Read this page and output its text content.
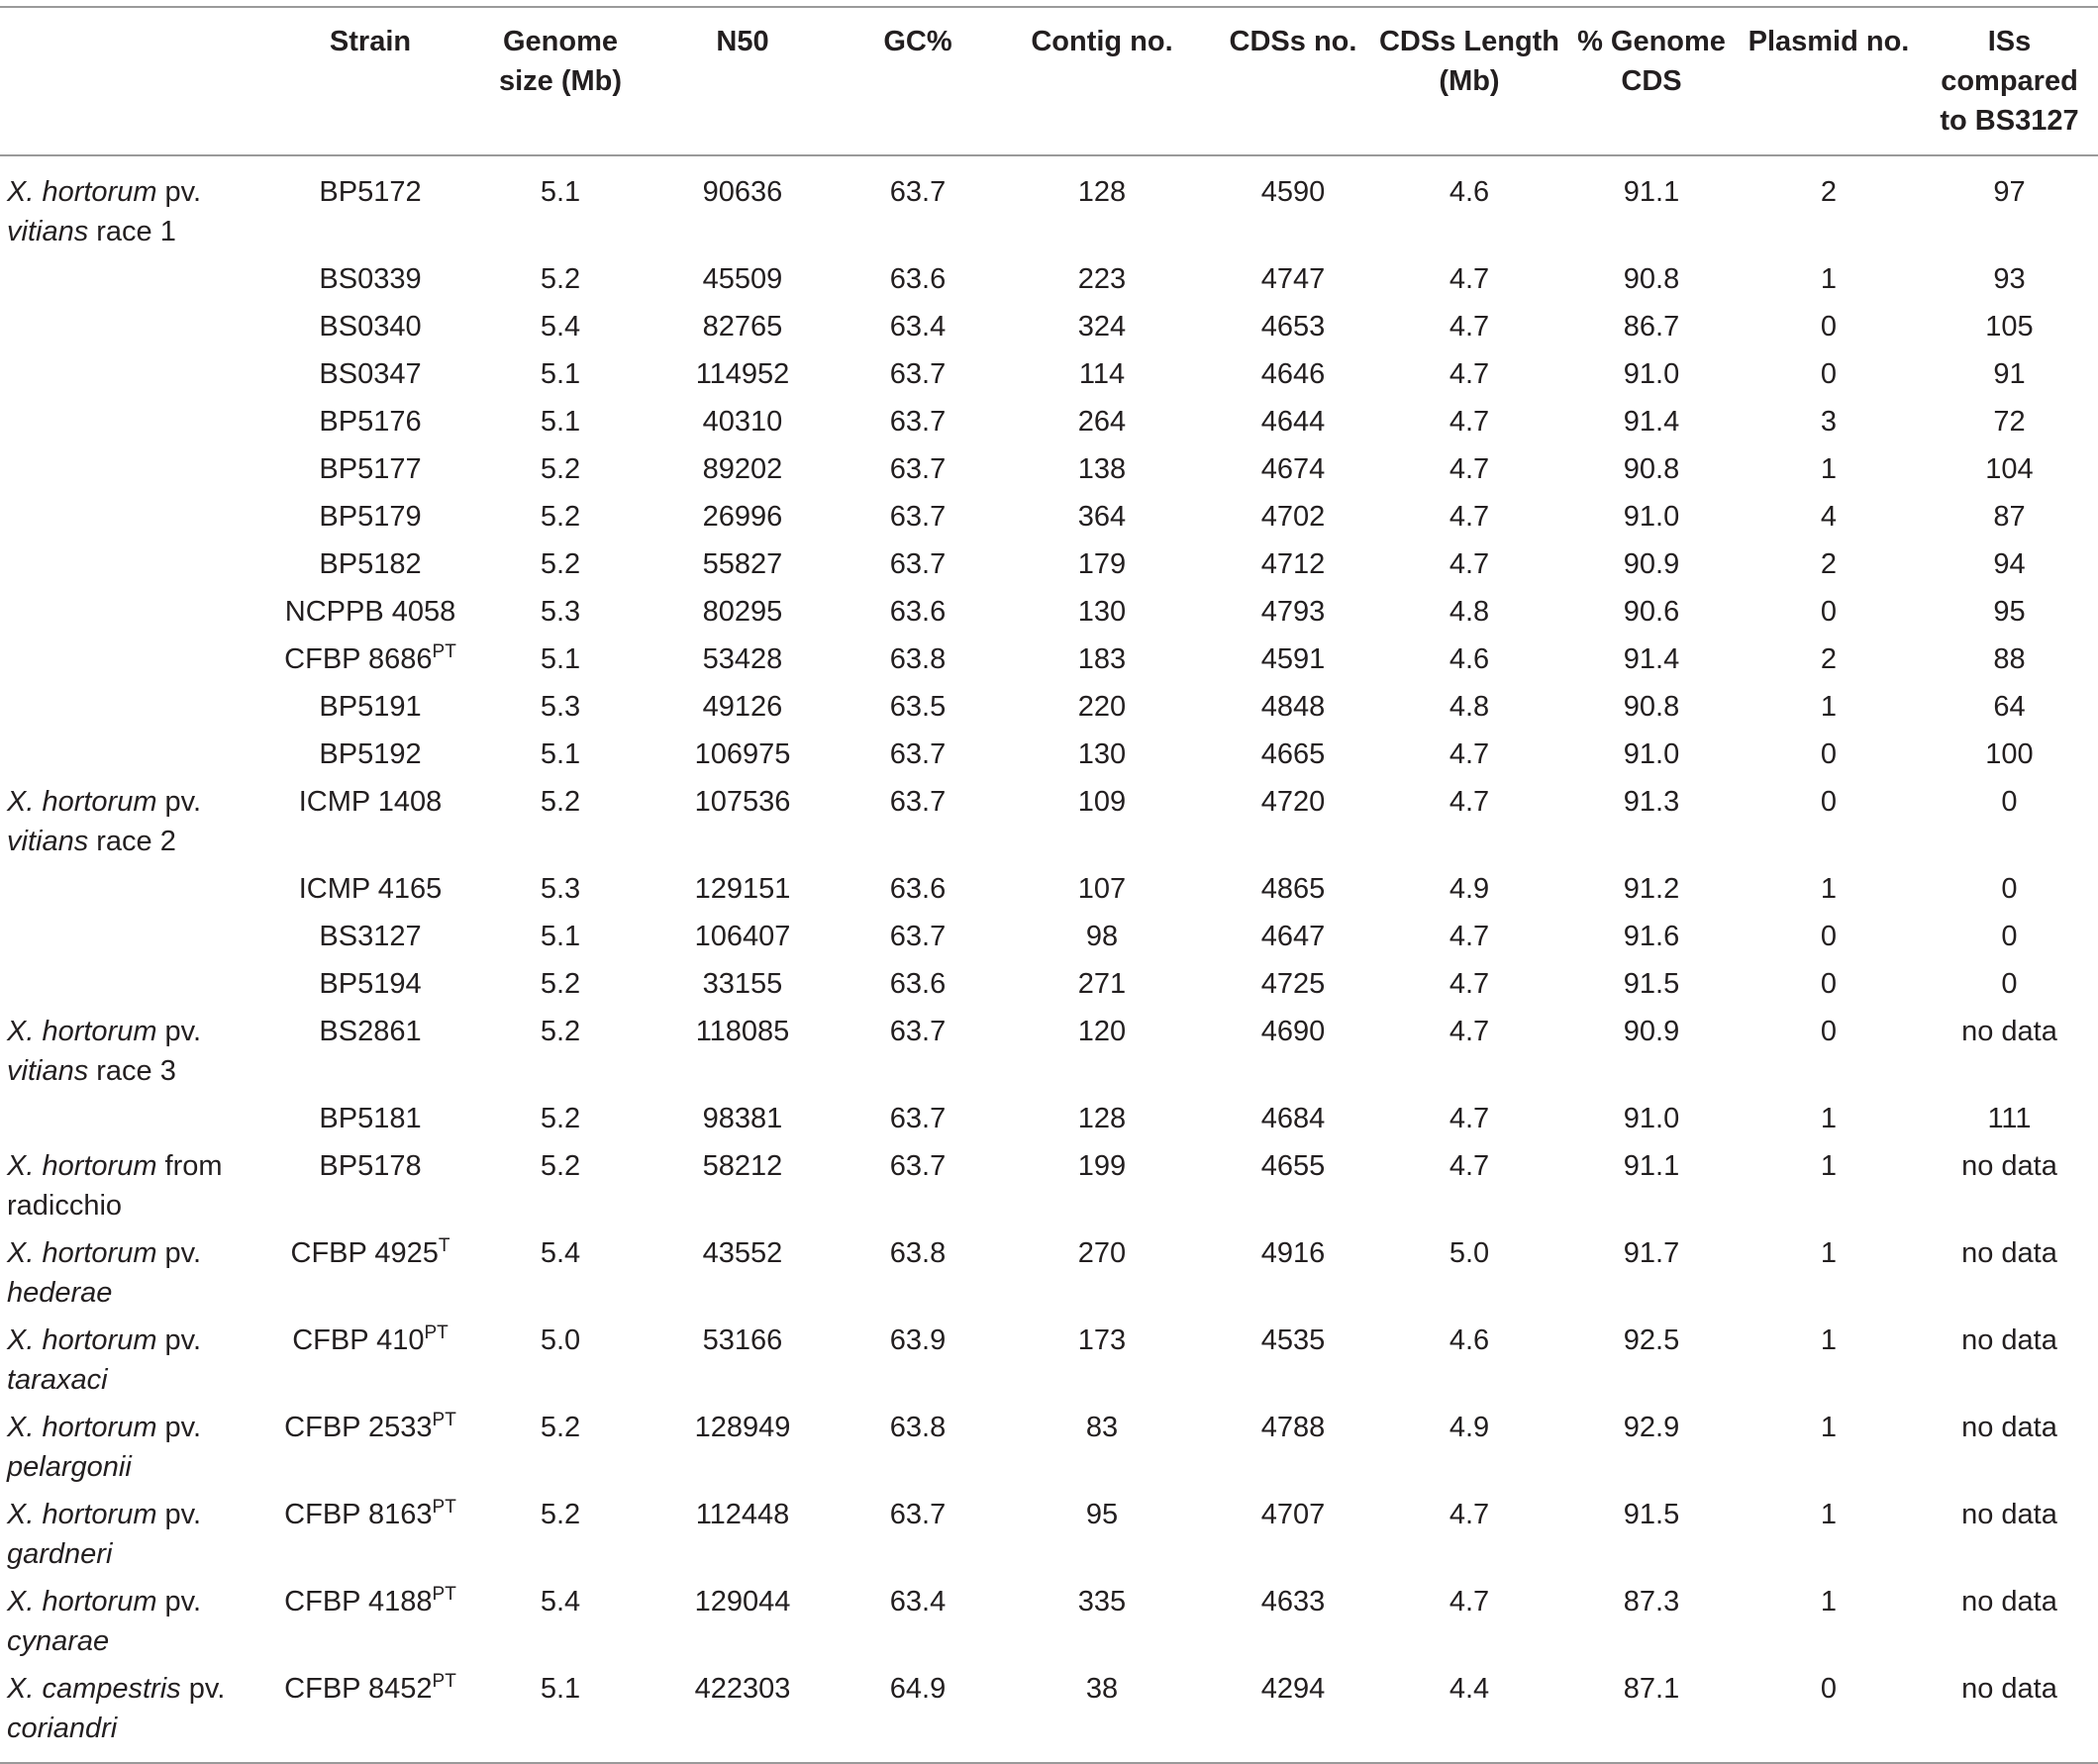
	Strain	Genome size (Mb)	N50	GC%	Contig no.	CDSs no.	CDSs Length (Mb)	% Genome CDS	Plasmid no.	ISs compared to BS3127
X. hortorum pv.
vitians race 1	BP5172	5.1	90636	63.7	128	4590	4.6	91.1	2	97
	BS0339	5.2	45509	63.6	223	4747	4.7	90.8	1	93
	BS0340	5.4	82765	63.4	324	4653	4.7	86.7	0	105
	BS0347	5.1	114952	63.7	114	4646	4.7	91.0	0	91
	BP5176	5.1	40310	63.7	264	4644	4.7	91.4	3	72
	BP5177	5.2	89202	63.7	138	4674	4.7	90.8	1	104
	BP5179	5.2	26996	63.7	364	4702	4.7	91.0	4	87
	BP5182	5.2	55827	63.7	179	4712	4.7	90.9	2	94
	NCPPB 4058	5.3	80295	63.6	130	4793	4.8	90.6	0	95
	CFBP $8686^{PT}$	5.1	53428	63.8	183	4591	4.6	91.4	2	88
	BP5191	5.3	49126	63.5	220	4848	4.8	90.8	1	64
	BP5192	5.1	106975	63.7	130	4665	4.7	91.0	0	100
X. hortorum pv.
vitians race 2	ICMP 1408	5.2	107536	63.7	109	4720	4.7	91.3	0	0
	ICMP 4165	5.3	129151	63.6	107	4865	4.9	91.2	1	0
	BS3127	5.1	106407	63.7	98	4647	4.7	91.6	0	0
	BP5194	5.2	33155	63.6	271	4725	4.7	91.5	0	0
X. hortorum pv.
vitians race 3	BS2861	5.2	118085	63.7	120	4690	4.7	90.9	0	no data
	BP5181	5.2	98381	63.7	128	4684	4.7	91.0	1	111
X. hortorum from
radicchio	BP5178	5.2	58212	63.7	199	4655	4.7	91.1	1	no data
X. hortorum pv.
hederae	CFBP $4925^T$	5.4	43552	63.8	270	4916	5.0	91.7	1	no data
X. hortorum pv.
taraxaci	CFBP $410^{PT}$	5.0	53166	63.9	173	4535	4.6	92.5	1	no data
X. hortorum pv.
pelargonii	CFBP $2533^{PT}$	5.2	128949	63.8	83	4788	4.9	92.9	1	no data
X. hortorum pv.
gardneri	CFBP $8163^{PT}$	5.2	112448	63.7	95	4707	4.7	91.5	1	no data
X. hortorum pv.
cynarae	CFBP $4188^{PT}$	5.4	129044	63.4	335	4633	4.7	87.3	1	no data
X. campestris pv.
coriandri	CFBP $8452^{PT}$	5.1	422303	64.9	38	4294	4.4	87.1	0	no data
